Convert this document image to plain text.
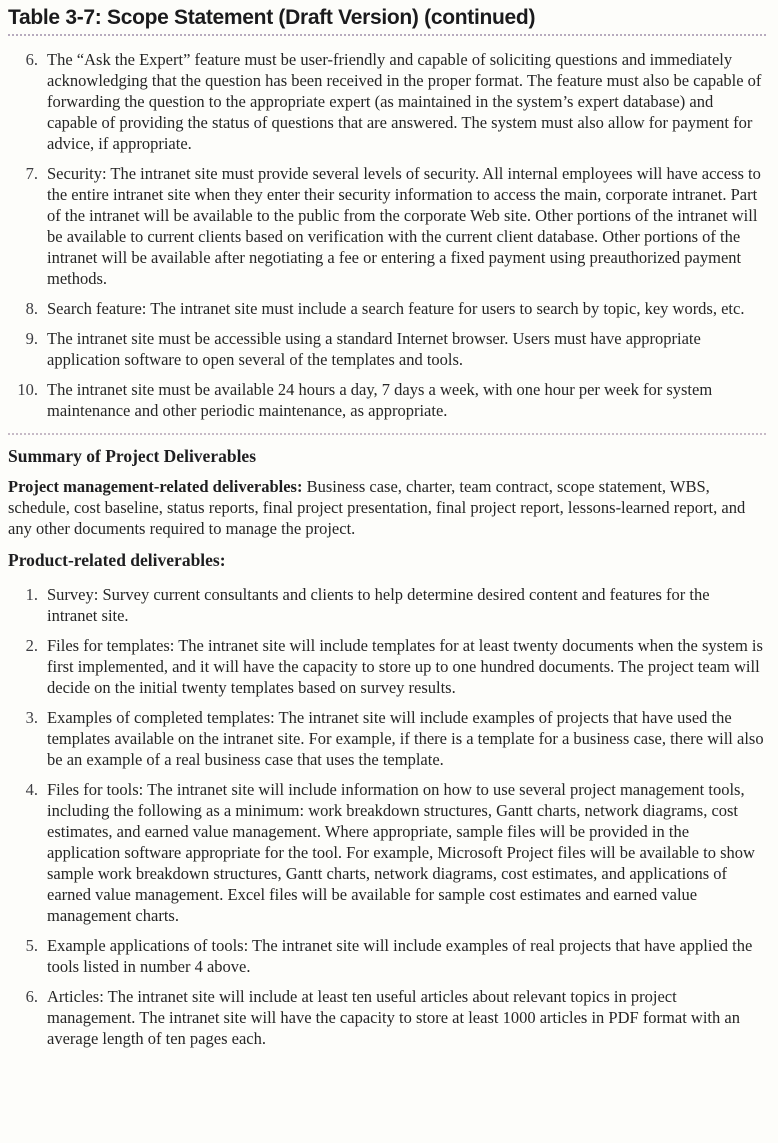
Table 3-7: Scope Statement (Draft Version) (continued)
6. The “Ask the Expert” feature must be user-friendly and capable of soliciting questions and immediately acknowledging that the question has been received in the proper format. The feature must also be capable of forwarding the question to the appropriate expert (as maintained in the system’s expert database) and capable of providing the status of questions that are answered. The system must also allow for payment for advice, if appropriate.
7. Security: The intranet site must provide several levels of security. All internal employees will have access to the entire intranet site when they enter their security information to access the main, corporate intranet. Part of the intranet will be available to the public from the corporate Web site. Other portions of the intranet will be available to current clients based on verification with the current client database. Other portions of the intranet will be available after negotiating a fee or entering a fixed payment using preauthorized payment methods.
8. Search feature: The intranet site must include a search feature for users to search by topic, key words, etc.
9. The intranet site must be accessible using a standard Internet browser. Users must have appropriate application software to open several of the templates and tools.
10. The intranet site must be available 24 hours a day, 7 days a week, with one hour per week for system maintenance and other periodic maintenance, as appropriate.
Summary of Project Deliverables

Project management-related deliverables: Business case, charter, team contract, scope statement, WBS, schedule, cost baseline, status reports, final project presentation, final project report, lessons-learned report, and any other documents required to manage the project.

Product-related deliverables:
1. Survey: Survey current consultants and clients to help determine desired content and features for the intranet site.
2. Files for templates: The intranet site will include templates for at least twenty documents when the system is first implemented, and it will have the capacity to store up to one hundred documents. The project team will decide on the initial twenty templates based on survey results.
3. Examples of completed templates: The intranet site will include examples of projects that have used the templates available on the intranet site. For example, if there is a template for a business case, there will also be an example of a real business case that uses the template.
4. Files for tools: The intranet site will include information on how to use several project management tools, including the following as a minimum: work breakdown structures, Gantt charts, network diagrams, cost estimates, and earned value management. Where appropriate, sample files will be provided in the application software appropriate for the tool. For example, Microsoft Project files will be available to show sample work breakdown structures, Gantt charts, network diagrams, cost estimates, and applications of earned value management. Excel files will be available for sample cost estimates and earned value management charts.
5. Example applications of tools: The intranet site will include examples of real projects that have applied the tools listed in number 4 above.
6. Articles: The intranet site will include at least ten useful articles about relevant topics in project management. The intranet site will have the capacity to store at least 1000 articles in PDF format with an average length of ten pages each.
